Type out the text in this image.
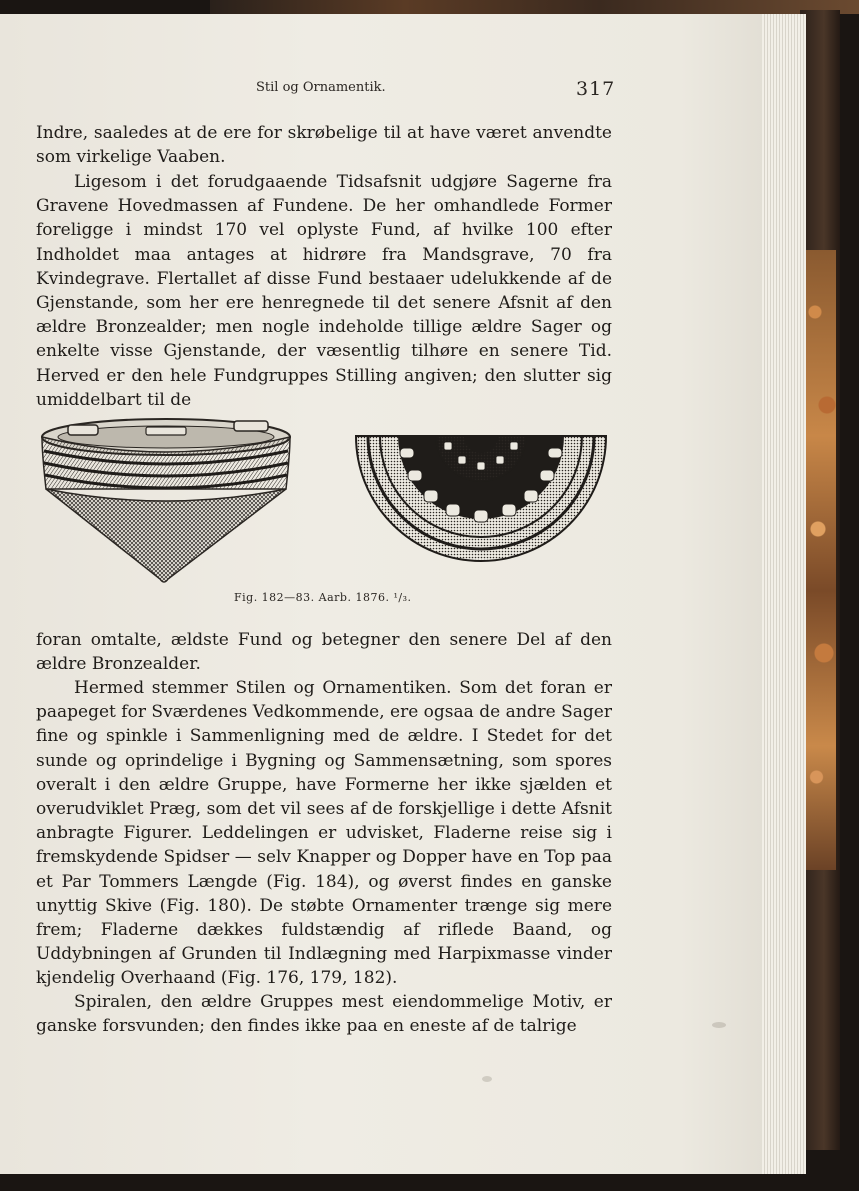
Stil og Ornamentik.	317

Indre, saaledes at de ere for skrøbelige til at have været anvendte som virkelige Vaaben.

Ligesom i det forudgaaende Tidsafsnit udgjøre Sagerne fra Gravene Hovedmassen af Fundene. De her omhandlede Former foreligge i mindst 170 vel oplyste Fund, af hvilke 100 efter Indholdet maa antages at hidrøre fra Mandsgrave, 70 fra Kvindegrave. Flertallet af disse Fund bestaaer udelukkende af de Gjenstande, som her ere henregnede til det senere Afsnit af den ældre Bronzealder; men nogle indeholde tillige ældre Sager og enkelte visse Gjenstande, der væsentlig tilhøre en senere Tid. Herved er den hele Fundgruppes Stilling angiven; den slutter sig umiddelbart til de

Fig. 182—83. Aarb. 1876. ¹/₃.

foran omtalte, ældste Fund og betegner den senere Del af den ældre Bronzealder.

Hermed stemmer Stilen og Ornamentiken. Som det foran er paapeget for Sværdenes Vedkommende, ere ogsaa de andre Sager fine og spinkle i Sammenligning med de ældre. I Stedet for det sunde og oprindelige i Bygning og Sammensætning, som spores overalt i den ældre Gruppe, have Formerne her ikke sjælden et overudviklet Præg, som det vil sees af de forskjellige i dette Afsnit anbragte Figurer. Leddelingen er udvisket, Fladerne reise sig i fremskydende Spidser — selv Knapper og Dopper have en Top paa et Par Tommers Længde (Fig. 184), og øverst findes en ganske unyttig Skive (Fig. 180). De støbte Ornamenter trænge sig mere frem; Fladerne dækkes fuldstændig af riflede Baand, og Uddybningen af Grunden til Indlægning med Harpixmasse vinder kjendelig Overhaand (Fig. 176, 179, 182).

Spiralen, den ældre Gruppes mest eiendommelige Motiv, er ganske forsvunden; den findes ikke paa en eneste af de talrige
